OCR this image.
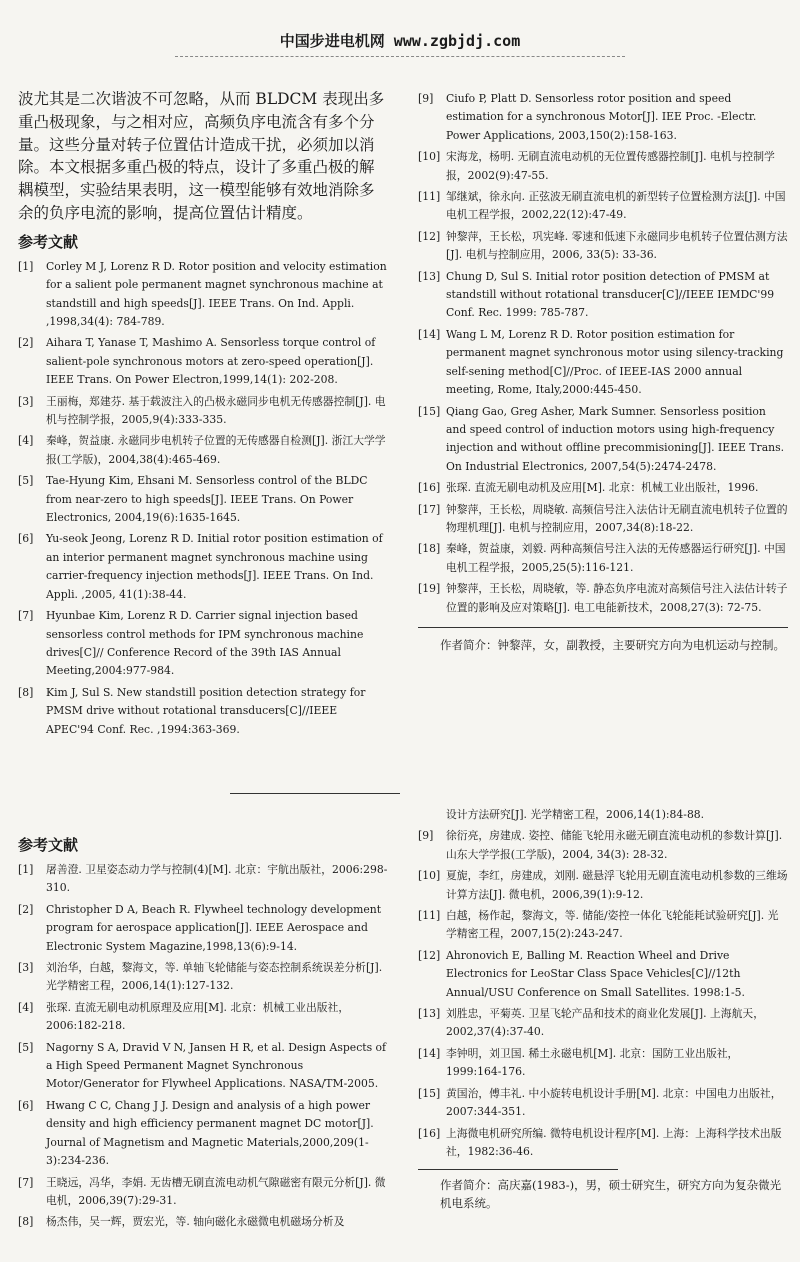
中国步进电机网 www.zgbjdj.com

波尤其是二次谐波不可忽略，从而 BLDCM 表现出多重凸极现象，与之相对应，高频负序电流含有多个分量。这些分量对转子位置估计造成干扰，必须加以消除。本文根据多重凸极的特点，设计了多重凸极的解耦模型，实验结果表明，这一模型能够有效地消除多余的负序电流的影响，提高位置估计精度。

参考文献
[1]	Corley M J, Lorenz R D. Rotor position and velocity estimation for a salient pole permanent magnet synchronous machine at standstill and high speeds[J]. IEEE Trans. On Ind. Appli. ,1998,34(4): 784-789.
[2]	Aihara T, Yanase T, Mashimo A. Sensorless torque control of salient-pole synchronous motors at zero-speed operation[J]. IEEE Trans. On Power Electron,1999,14(1): 202-208.
[3]	王丽梅，郑建芬. 基于载波注入的凸极永磁同步电机无传感器控制[J]. 电机与控制学报，2005,9(4):333-335.
[4]	秦峰，贺益康. 永磁同步电机转子位置的无传感器自检测[J]. 浙江大学学报(工学版)，2004,38(4):465-469.
[5]	Tae-Hyung Kim, Ehsani M. Sensorless control of the BLDC from near-zero to high speeds[J]. IEEE Trans. On Power Electronics, 2004,19(6):1635-1645.
[6]	Yu-seok Jeong, Lorenz R D. Initial rotor position estimation of an interior permanent magnet synchronous machine using carrier-frequency injection methods[J]. IEEE Trans. On Ind. Appli. ,2005, 41(1):38-44.
[7]	Hyunbae Kim, Lorenz R D. Carrier signal injection based sensorless control methods for IPM synchronous machine drives[C]// Conference Record of the 39th IAS Annual Meeting,2004:977-984.
[8]	Kim J, Sul S. New standstill position detection strategy for PMSM drive without rotational transducers[C]//IEEE APEC'94 Conf. Rec. ,1994:363-369.
[9]	Ciufo P, Platt D. Sensorless rotor position and speed estimation for a synchronous Motor[J]. IEE Proc. -Electr. Power Applications, 2003,150(2):158-163.
[10] 宋海龙，杨明. 无刷直流电动机的无位置传感器控制[J]. 电机与控制学报，2002(9):47-55.
[11] 邹继斌，徐永向. 正弦波无刷直流电机的新型转子位置检测方法[J]. 中国电机工程学报，2002,22(12):47-49.
[12] 钟黎萍，王长松，巩宪峰. 零速和低速下永磁同步电机转子位置估测方法[J]. 电机与控制应用，2006, 33(5): 33-36.
[13] Chung D, Sul S. Initial rotor position detection of PMSM at standstill without rotational transducer[C]//IEEE IEMDC'99 Conf. Rec. 1999: 785-787.
[14] Wang L M, Lorenz R D. Rotor position estimation for permanent magnet synchronous motor using silency-tracking self-sening method[C]//Proc. of IEEE-IAS 2000 annual meeting, Rome, Italy,2000:445-450.
[15] Qiang Gao, Greg Asher, Mark Sumner. Sensorless position and speed control of induction motors using high-frequency injection and without offline precommisioning[J]. IEEE Trans. On Industrial Electronics, 2007,54(5):2474-2478.
[16] 张琛. 直流无刷电动机及应用[M]. 北京：机械工业出版社，1996.
[17] 钟黎萍，王长松，周晓敏. 高频信号注入法估计无刷直流电机转子位置的物理机理[J]. 电机与控制应用，2007,34(8):18-22.
[18] 秦峰，贺益康，刘毅. 两种高频信号注入法的无传感器运行研究[J]. 中国电机工程学报，2005,25(5):116-121.
[19] 钟黎萍，王长松，周晓敏，等. 静态负序电流对高频信号注入法估计转子位置的影响及应对策略[J]. 电工电能新技术，2008,27(3): 72-75.
作者简介：钟黎萍，女，副教授，主要研究方向为电机运动与控制。
参考文献
[1]	屠善澄. 卫星姿态动力学与控制(4)[M]. 北京：宇航出版社，2006:298-310.
[2]	Christopher D A, Beach R. Flywheel technology development program for aerospace application[J]. IEEE Aerospace and Electronic System Magazine,1998,13(6):9-14.
[3]	刘治华，白越，黎海文，等. 单轴飞轮储能与姿态控制系统误差分析[J]. 光学精密工程，2006,14(1):127-132.
[4]	张琛. 直流无刷电动机原理及应用[M]. 北京：机械工业出版社，2006:182-218.
[5]	Nagorny S A, Dravid V N, Jansen H R, et al. Design Aspects of a High Speed Permanent Magnet Synchronous Motor/Generator for Flywheel Applications. NASA/TM-2005.
[6]	Hwang C C, Chang J J. Design and analysis of a high power density and high efficiency permanent magnet DC motor[J]. Journal of Magnetism and Magnetic Materials,2000,209(1-3):234-236.
[7]	王晓远，冯华，李娟. 无齿槽无刷直流电动机气隙磁密有限元分析[J]. 微电机，2006,39(7):29-31.
[8]	杨杰伟，吴一辉，贾宏光，等. 轴向磁化永磁微电机磁场分析及
设计方法研究[J]. 光学精密工程，2006,14(1):84-88.
[9]	徐衍亮，房建成. 姿控、储能飞轮用永磁无刷直流电动机的参数计算[J]. 山东大学学报(工学版)，2004, 34(3): 28-32.
[10] 夏旎，李红，房建成，刘刚. 磁悬浮飞轮用无刷直流电动机参数的三维场计算方法[J]. 微电机，2006,39(1):9-12.
[11] 白越，杨作起，黎海文，等. 储能/姿控一体化飞轮能耗试验研究[J]. 光学精密工程，2007,15(2):243-247.
[12] Ahronovich E, Balling M. Reaction Wheel and Drive Electronics for LeoStar Class Space Vehicles[C]//12th Annual/USU Conference on Small Satellites. 1998:1-5.
[13] 刘胜忠，平菊英. 卫星飞轮产品和技术的商业化发展[J]. 上海航天，2002,37(4):37-40.
[14] 李钟明，刘卫国. 稀土永磁电机[M]. 北京：国防工业出版社，1999:164-176.
[15] 黄国治，傅丰礼. 中小旋转电机设计手册[M]. 北京：中国电力出版社，2007:344-351.
[16] 上海微电机研究所编. 微特电机设计程序[M]. 上海：上海科学技术出版社，1982:36-46.
作者简介：高庆嘉(1983-)，男，硕士研究生，研究方向为复杂微光机电系统。
